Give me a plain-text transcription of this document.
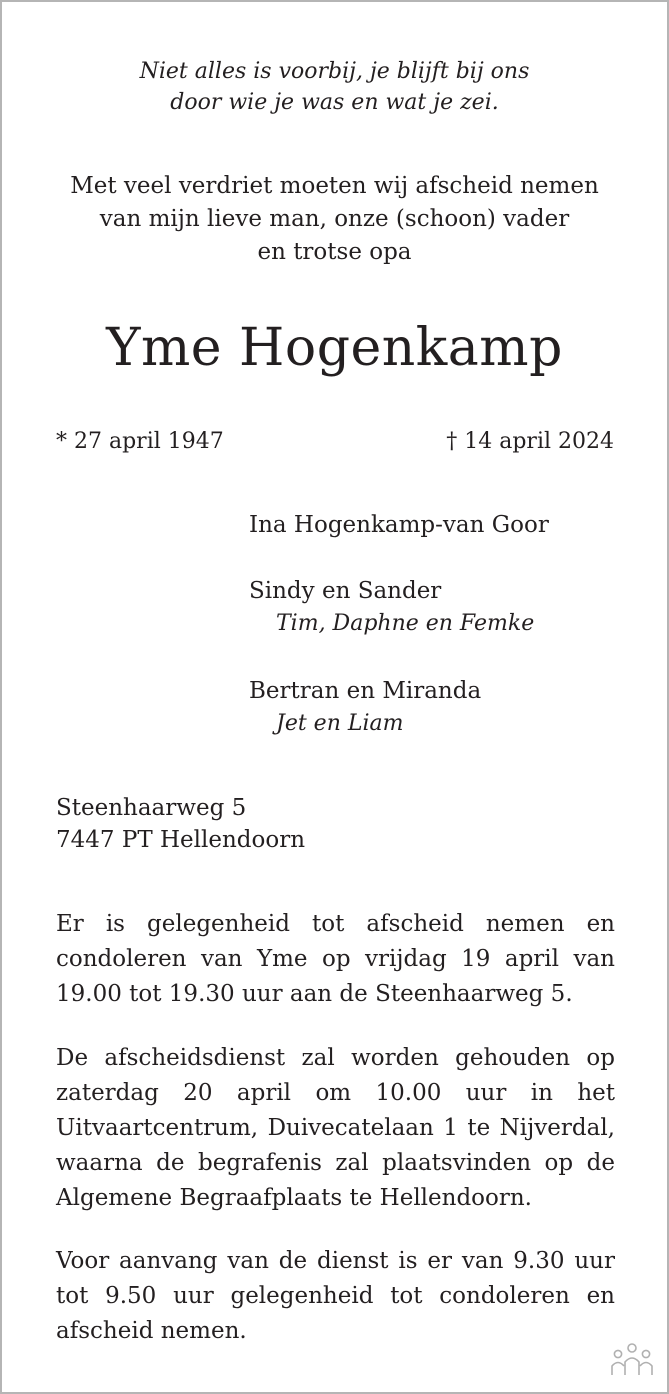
Niet alles is voorbij, je blijft bij ons
door wie je was en wat je zei.
Met veel verdriet moeten wij afscheid nemen
van mijn lieve man, onze (schoon) vader
en trotse opa
Yme Hogenkamp
* 27 april 1947	† 14 april 2024
Ina Hogenkamp-van Goor
Sindy en Sander
Tim, Daphne en Femke
Bertran en Miranda
Jet en Liam
Steenhaarweg 5
7447 PT Hellendoorn
Er is gelegenheid tot afscheid nemen en condoleren van Yme op vrijdag 19 april van 19.00 tot 19.30 uur aan de Steenhaarweg 5.
De afscheidsdienst zal worden gehouden op zaterdag 20 april om 10.00 uur in het Uitvaartcentrum, Duivecatelaan 1 te Nijverdal, waarna de begrafenis zal plaatsvinden op de Algemene Begraafplaats te Hellendoorn.
Voor aanvang van de dienst is er van 9.30 uur tot 9.50 uur gelegenheid tot condoleren en afscheid nemen.
